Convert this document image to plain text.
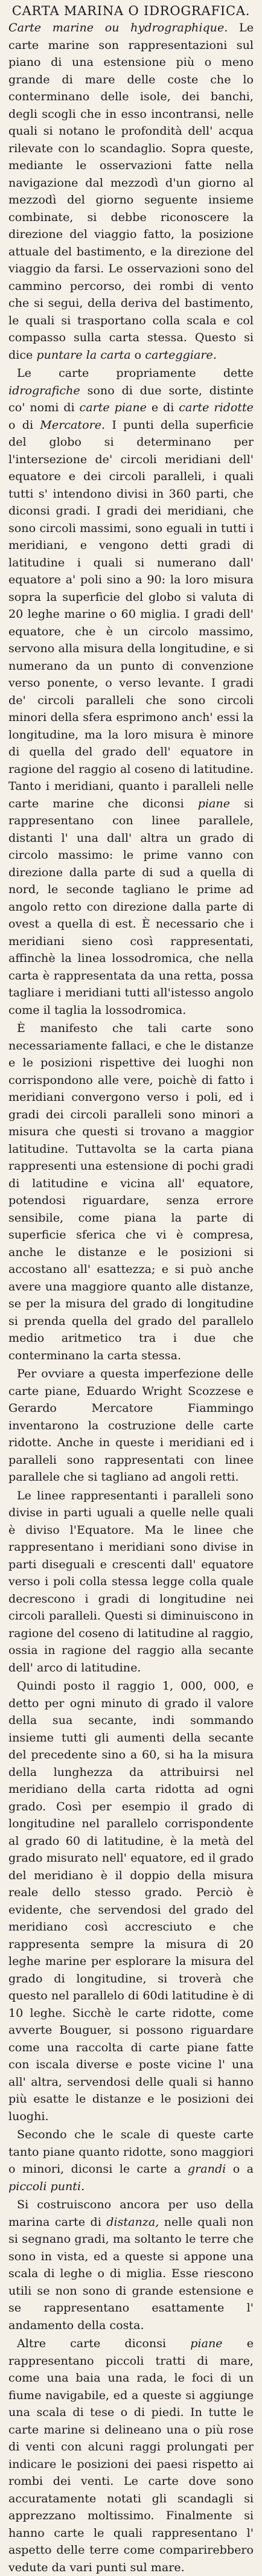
CARTA MARINA O IDROGRAFICA.

Carte marine ou hydrographique. Le carte marine son rappresentazioni sul piano di una estensione più o meno grande di mare delle coste che lo conterminano delle isole, dei banchi, degli scogli che in esso incontransi, nelle quali si notano le profondità dell' acqua rilevate con lo scandaglio. Sopra queste, mediante le osservazioni fatte nella navigazione dal mezzodì d'un giorno al mezzodì del giorno seguente insieme combinate, si debbe riconoscere la direzione del viaggio fatto, la posizione attuale del bastimento, e la direzione del viaggio da farsi. Le osservazioni sono del cammino percorso, dei rombi di vento che si segui, della deriva del bastimento, le quali si trasportano colla scala e col compasso sulla carta stessa. Questo si dice puntare la carta o carteggiare.

Le carte propriamente dette idrografiche sono di due sorte, distinte co' nomi di carte piane e di carte ridotte o di Mercatore. I punti della superficie del globo si determinano per l'intersezione de' circoli meridiani dell' equatore e dei circoli paralleli, i quali tutti s' intendono divisi in 360 parti, che diconsi gradi. I gradi dei meridiani, che sono circoli massimi, sono eguali in tutti i meridiani, e vengono detti gradi di latitudine i quali si numerano dall' equatore a' poli sino a 90: la loro misura sopra la superficie del globo si valuta di 20 leghe marine o 60 miglia. I gradi dell' equatore, che è un circolo massimo, servono alla misura della longitudine, e si numerano da un punto di convenzione verso ponente, o verso levante. I gradi de' circoli paralleli che sono circoli minori della sfera esprimono anch' essi la longitudine, ma la loro misura è minore di quella del grado dell' equatore in ragione del raggio al coseno di latitudine. Tanto i meridiani, quanto i paralleli nelle carte marine che diconsi piane si rappresentano con linee parallele, distanti l' una dall' altra un grado di circolo massimo: le prime vanno con direzione dalla parte di sud a quella di nord, le seconde tagliano le prime ad angolo retto con direzione dalla parte di ovest a quella di est. È necessario che i meridiani sieno così rappresentati, affinchè la linea lossodromica, che nella carta è rappresentata da una retta, possa tagliare i meridiani tutti all'istesso angolo come il taglia la lossodromica.

È manifesto che tali carte sono necessariamente fallaci, e che le distanze e le posizioni rispettive dei luoghi non corrispondono alle vere, poichè di fatto i meridiani convergono verso i poli, ed i gradi dei circoli paralleli sono minori a misura che questi si trovano a maggior latitudine. Tuttavolta se la carta piana rappresenti una estensione di pochi gradi di latitudine e vicina all' equatore, potendosi riguardare, senza errore sensibile, come piana la parte di superficie sferica che vi è compresa, anche le distanze e le posizioni si accostano all' esattezza; e si può anche avere una maggiore quanto alle distanze, se per la misura del grado di longitudine si prenda quella del grado del parallelo medio aritmetico tra i due che conterminano la carta stessa.

Per ovviare a questa imperfezione delle carte piane, Eduardo Wright Scozzese e Gerardo Mercatore Fiammingo inventarono la costruzione delle carte ridotte. Anche in queste i meridiani ed i paralleli sono rappresentati con linee parallele che si tagliano ad angoli retti.

Le linee rappresentanti i paralleli sono divise in parti uguali a quelle nelle quali è diviso l'Equatore. Ma le linee che rappresentano i meridiani sono divise in parti diseguali e crescenti dall' equatore verso i poli colla stessa legge colla quale decrescono i gradi di longitudine nei circoli paralleli. Questi si diminuiscono in ragione del coseno di latitudine al raggio, ossia in ragione del raggio alla secante dell' arco di latitudine.

Quindi posto il raggio 1, 000, 000, e detto per ogni minuto di grado il valore della sua secante, indi sommando insieme tutti gli aumenti della secante del precedente sino a 60, si ha la misura della lunghezza da attribuirsi nel meridiano della carta ridotta ad ogni grado. Così per esempio il grado di longitudine nel parallelo corrispondente al grado 60 di latitudine, è la metà del grado misurato nell' equatore, ed il grado del meridiano è il doppio della misura reale dello stesso grado. Perciò è evidente, che servendosi del grado del meridiano così accresciuto e che rappresenta sempre la misura di 20 leghe marine per esplorare la misura del grado di longitudine, si troverà che questo nel parallelo di 60di latitudine è di 10 leghe. Sicchè le carte ridotte, come avverte Bouguer, si possono riguardare come una raccolta di carte piane fatte con iscala diverse e poste vicine l' una all' altra, servendosi delle quali si hanno più esatte le distanze e le posizioni dei luoghi.

Secondo che le scale di queste carte tanto piane quanto ridotte, sono maggiori o minori, diconsi le carte a grandi o a piccoli punti.

Si costruiscono ancora per uso della marina carte di distanza, nelle quali non si segnano gradi, ma soltanto le terre che sono in vista, ed a queste si appone una scala di leghe o di miglia. Esse riescono utili se non sono di grande estensione e se rappresentano esattamente l' andamento della costa.

Altre carte diconsi piane e rappresentano piccoli tratti di mare, come una baia una rada, le foci di un fiume navigabile, ed a queste si aggiunge una scala di tese o di piedi. In tutte le carte marine si delineano una o più rose di venti con alcuni raggi prolungati per indicare le posizioni dei paesi rispetto ai rombi dei venti. Le carte dove sono accuratamente notati gli scandagli si apprezzano moltissimo. Finalmente si hanno carte le quali rappresentano l' aspetto delle terre come comparirebbero vedute da vari punti sul mare.
